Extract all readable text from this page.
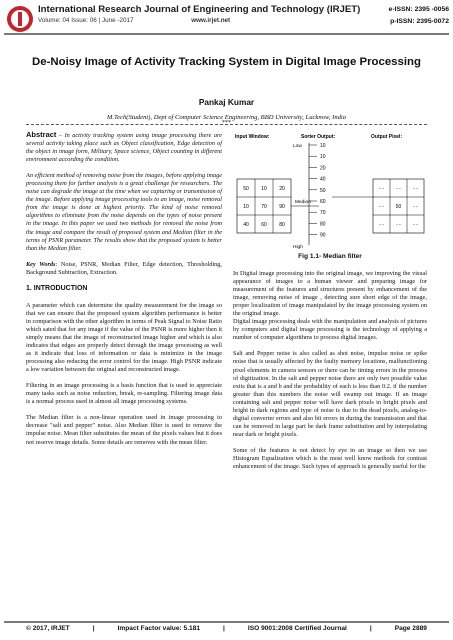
International Research Journal of Engineering and Technology (IRJET)
Volume: 04 Issue: 06 | June -2017	www.irjet.net
e-ISSN: 2395 -0056
p-ISSN: 2395-0072
De-Noisy Image of Activity Tracking System in Digital Image Processing
Pankaj Kumar
M.Tech(Student), Dept of Computer Science Engineering, BBD University, Lucknow, India
***

Abstract – In activity tracking system using image processing there are several activity taking place such as Object classification, Edge detection of the object in image form, Military, Space science, Object counting in different environment according the condition.

An efficient method of removing noise from the images, before applying image processing them for further analysis is a great challenge for researchers. The noise can degrade the image at the time when we capturing or transmission of the image. Before applying image processing tools to an image, noise removal from the image is done at highest priority. The kind of noise removal algorithms to eliminate from the noise depends on the types of noise present in the image. In this paper we used two methods for removal the noise from the image and compare the result of proposed system and Median filter in the terms of PSNR parameter. The results show that the proposed system is better than the Median filter.

Key Words: Noise, PSNR, Median Filter, Edge detection, Thresholding, Background Subtraction, Extraction.

1. INTRODUCTION

A parameter which can determine the quality measurement for the image so that we can ensure that the proposed system algorithm performance is better in comparison with the other algorithm in terms of Peak Signal to Noise Ratio which sated that for any image if the value of the PSNR is more higher then it simply means that the image of reconstructed image higher and which is also indicates that edges are properly detect through the image processing as well as it indicate that loss of information or data is minimize in the image processing also reducing the error control for the image. High PSNR indicate a low variation between the original and reconstructed image.

Filtering in an image processing is a basis function that is used to appreciate many tasks such as noise reduction, break, re-sampling. Filtering image data is a normal process used in almost all image processing systems.

The Median filter is a non-linear operation used in image processing to decrease "salt and pepper" noise. Also Median filter is used to remove the impulse noise. Mean filter substitutes the mean of the pixels values but it does not reserve image details. Some details are removes with the mean filter.

Input Window:	Sorter Output:	Output Pixel:
50 10 20
10 70 90
40 60 80
Low
Median
High
10
10
20
40
50
60
70
80
90
- - - - - -
- - 50 - -
- - - - - -
Fig 1.1- Median filter

In Digital image processing into the original image, we improving the visual appearance of images to a human viewer and preparing image for measurement of the features and structures present by enhancement of the image, removing noise of image , detecting sure short edge of the image, proper localization of image manipulated by the image processing system on the original image.

Digital image processing deals with the manipulation and analysis of pictures by computers and digital image processing is the technology of applying a number of computer algorithms to process digital images.

Salt and Pepper noise is also called as shot noise, impulse noise or spike noise that is usually affected by the faulty memory locations, malfunctioning pixel elements in camera sensors or there can be timing errors in the process of digitization. In the salt and pepper noise there are only two possible value exits that is a and b and the probability of each is less than 0.2. if the number greater than this numbers the noise will swamp out image. If an image containing salt and pepper noise will have dark pixels in bright pixels and bright in dark regions and type of noise is due to the dead pixels, analog-to-digital converter errors and also bit errors in during the transmission and that can be removed in large part be dark frame substitution and by interpolating near dark or bright pixels.

Some of the features is not detect by eye in an image so then we use Histogram Equalization which is the most well know methods for contrast enhancement of the image. Such types of approach is generally useful for the

© 2017, IRJET	|	Impact Factor value: 5.181	|	ISO 9001:2008 Certified Journal	|	Page 2889
